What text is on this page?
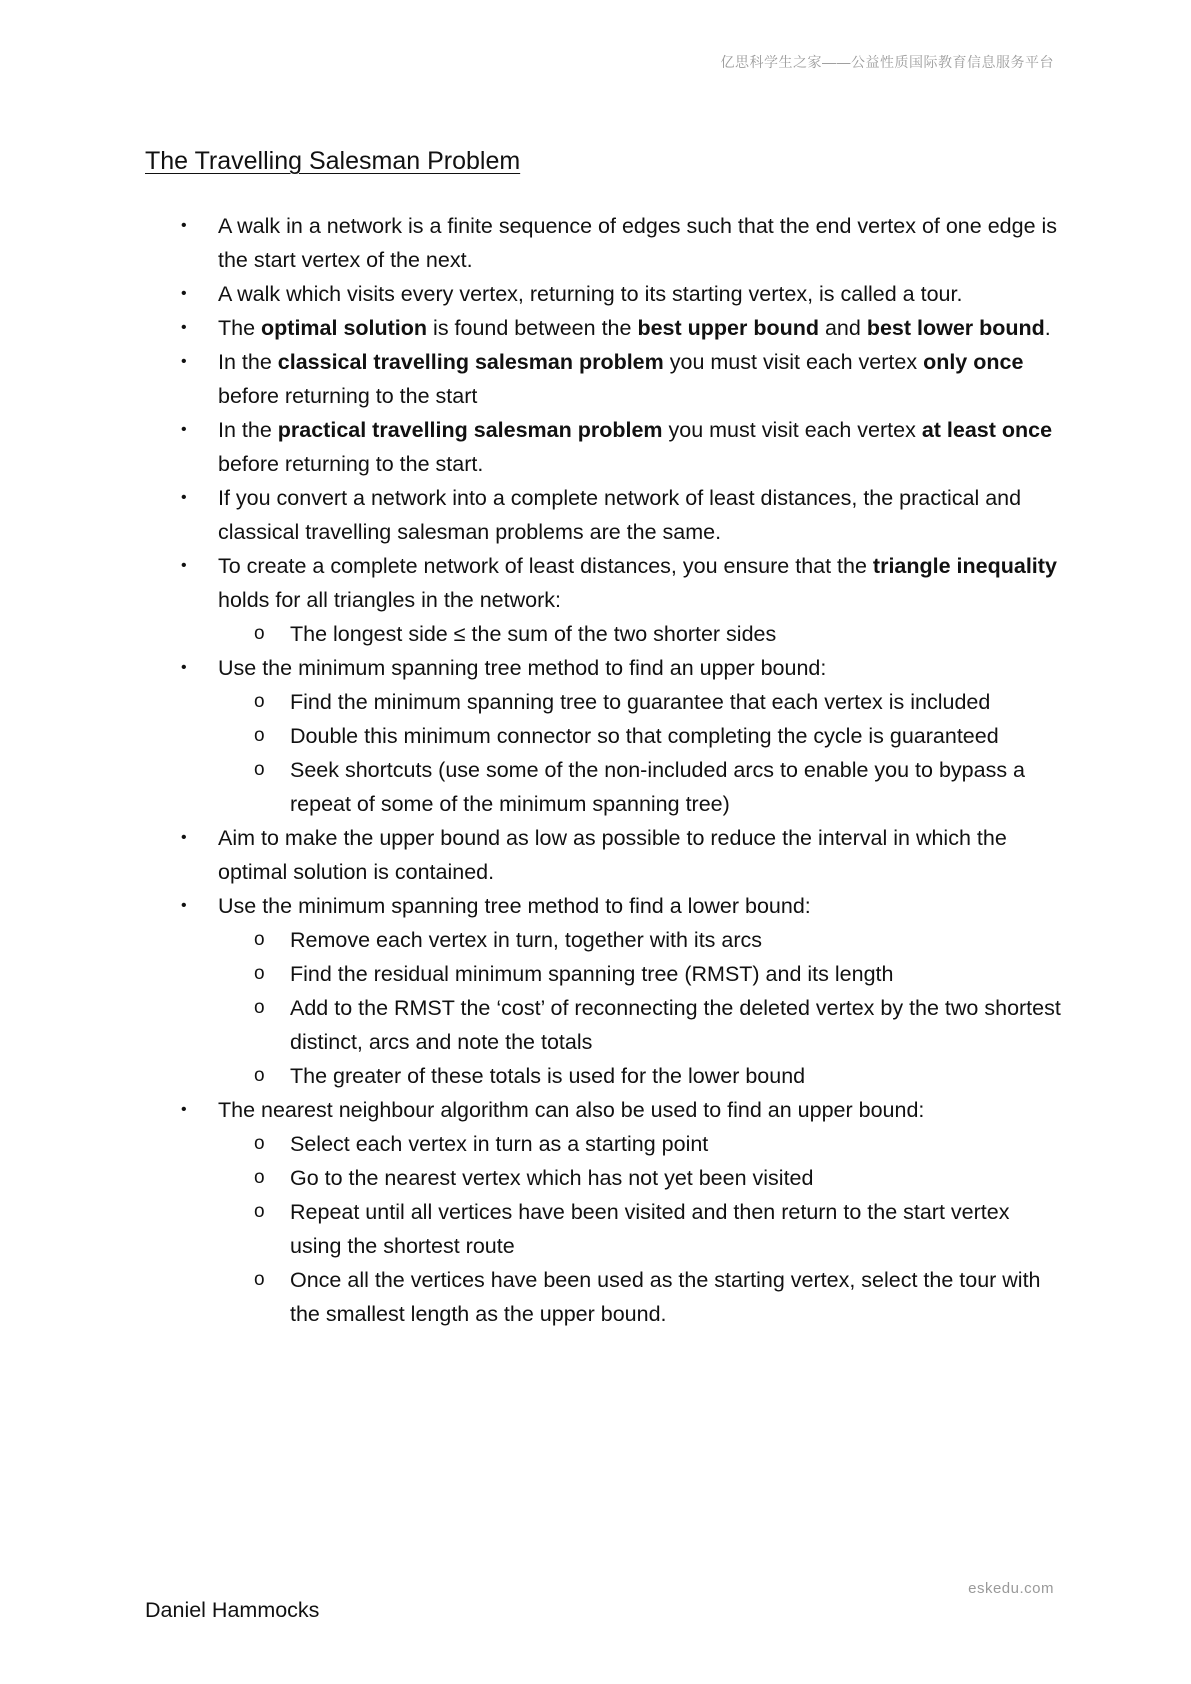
亿思科学生之家——公益性质国际教育信息服务平台
The Travelling Salesman Problem
•	A walk in a network is a finite sequence of edges such that the end vertex of one edge is the start vertex of the next.
•	A walk which visits every vertex, returning to its starting vertex, is called a tour.
•	The optimal solution is found between the best upper bound and best lower bound.
•	In the classical travelling salesman problem you must visit each vertex only once before returning to the start
•	In the practical travelling salesman problem you must visit each vertex at least once before returning to the start.
•	If you convert a network into a complete network of least distances, the practical and classical travelling salesman problems are the same.
•	To create a complete network of least distances, you ensure that the triangle inequality holds for all triangles in the network:
o The longest side ≤ the sum of the two shorter sides
•	Use the minimum spanning tree method to find an upper bound:
o Find the minimum spanning tree to guarantee that each vertex is included
o Double this minimum connector so that completing the cycle is guaranteed
o Seek shortcuts (use some of the non-included arcs to enable you to bypass a repeat of some of the minimum spanning tree)
•	Aim to make the upper bound as low as possible to reduce the interval in which the optimal solution is contained.
•	Use the minimum spanning tree method to find a lower bound:
o Remove each vertex in turn, together with its arcs
o Find the residual minimum spanning tree (RMST) and its length
o Add to the RMST the ‘cost’ of reconnecting the deleted vertex by the two shortest distinct, arcs and note the totals
o The greater of these totals is used for the lower bound
•	The nearest neighbour algorithm can also be used to find an upper bound:
o Select each vertex in turn as a starting point
o Go to the nearest vertex which has not yet been visited
o Repeat until all vertices have been visited and then return to the start vertex using the shortest route
o Once all the vertices have been used as the starting vertex, select the tour with the smallest length as the upper bound.
eskedu.com
Daniel Hammocks
